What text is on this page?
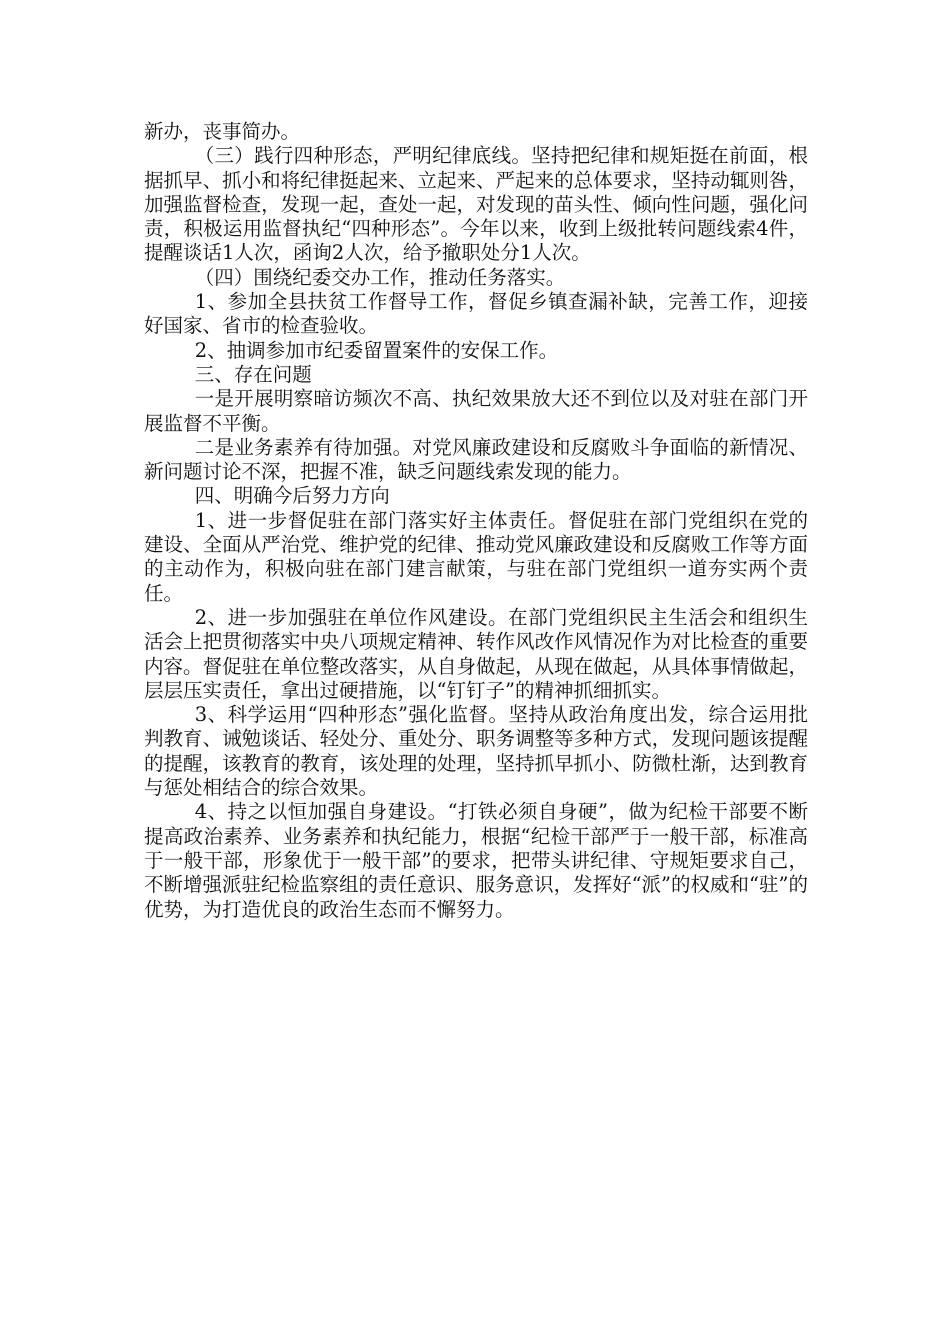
新办，丧事简办。

（三）践行四种形态，严明纪律底线。坚持把纪律和规矩挺在前面，根据抓早、抓小和将纪律挺起来、立起来、严起来的总体要求，坚持动辄则咎，加强监督检查，发现一起，查处一起，对发现的苗头性、倾向性问题，强化问责，积极运用监督执纪“四种形态”。今年以来，收到上级批转问题线索4件，提醒谈话1人次，函询2人次，给予撤职处分1人次。

（四）围绕纪委交办工作，推动任务落实。

1、参加全县扶贫工作督导工作，督促乡镇查漏补缺，完善工作，迎接好国家、省市的检查验收。

2、抽调参加市纪委留置案件的安保工作。

三、存在问题

一是开展明察暗访频次不高、执纪效果放大还不到位以及对驻在部门开展监督不平衡。

二是业务素养有待加强。对党风廉政建设和反腐败斗争面临的新情况、新问题讨论不深，把握不准，缺乏问题线索发现的能力。

四、明确今后努力方向

1、进一步督促驻在部门落实好主体责任。督促驻在部门党组织在党的建设、全面从严治党、维护党的纪律、推动党风廉政建设和反腐败工作等方面的主动作为，积极向驻在部门建言献策，与驻在部门党组织一道夯实两个责任。

2、进一步加强驻在单位作风建设。在部门党组织民主生活会和组织生活会上把贯彻落实中央八项规定精神、转作风改作风情况作为对比检查的重要内容。督促驻在单位整改落实，从自身做起，从现在做起，从具体事情做起，层层压实责任，拿出过硬措施，以“钉钉子”的精神抓细抓实。

3、科学运用“四种形态”强化监督。坚持从政治角度出发，综合运用批判教育、诫勉谈话、轻处分、重处分、职务调整等多种方式，发现问题该提醒的提醒，该教育的教育，该处理的处理，坚持抓早抓小、防微杜渐，达到教育与惩处相结合的综合效果。

4、持之以恒加强自身建设。“打铁必须自身硬”，做为纪检干部要不断提高政治素养、业务素养和执纪能力，根据“纪检干部严于一般干部，标准高于一般干部，形象优于一般干部”的要求，把带头讲纪律、守规矩要求自己，不断增强派驻纪检监察组的责任意识、服务意识，发挥好“派”的权威和“驻”的优势，为打造优良的政治生态而不懈努力。
